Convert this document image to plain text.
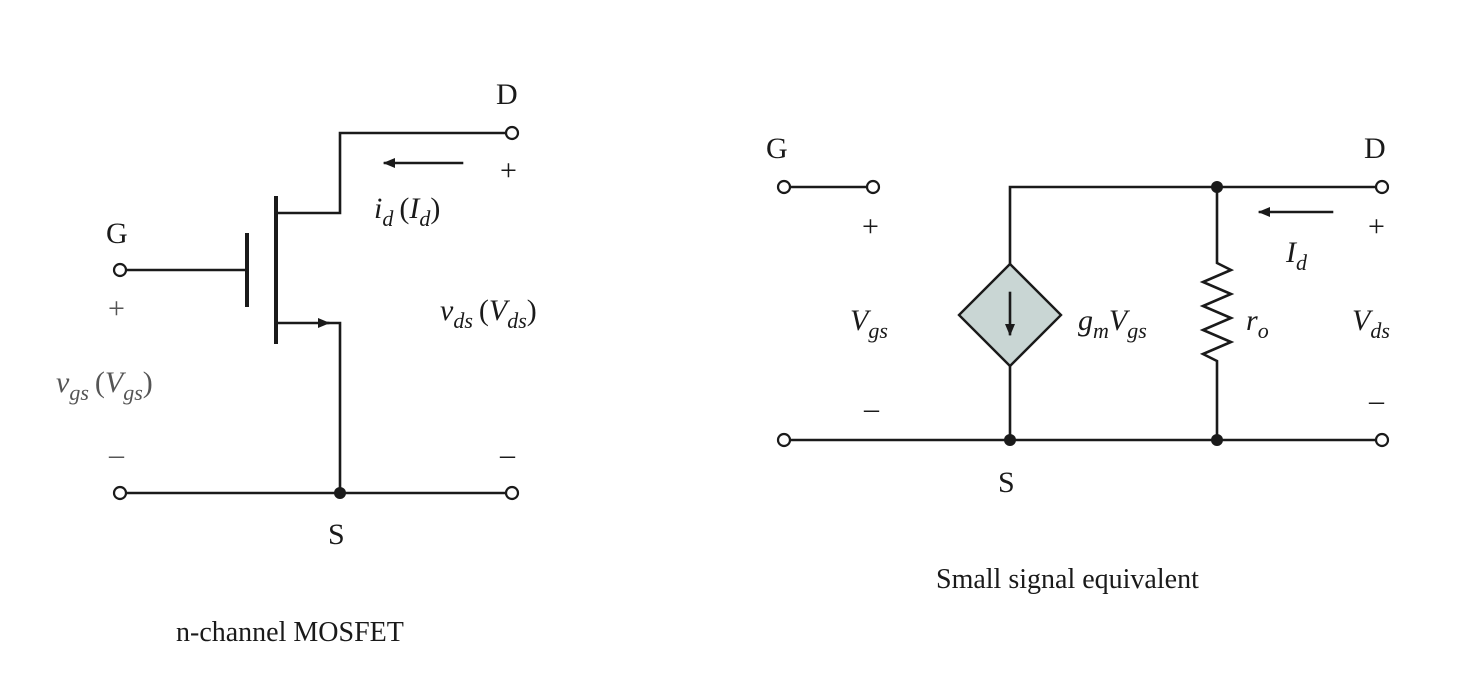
D
G
S
+
+
–	–
id (Id)
vds (Vds)
vgs (Vgs)
n-channel MOSFET
G	D
S
+
–
+
–
Vgs	gmVgs	ro
Id
Vds
Small signal equivalent
